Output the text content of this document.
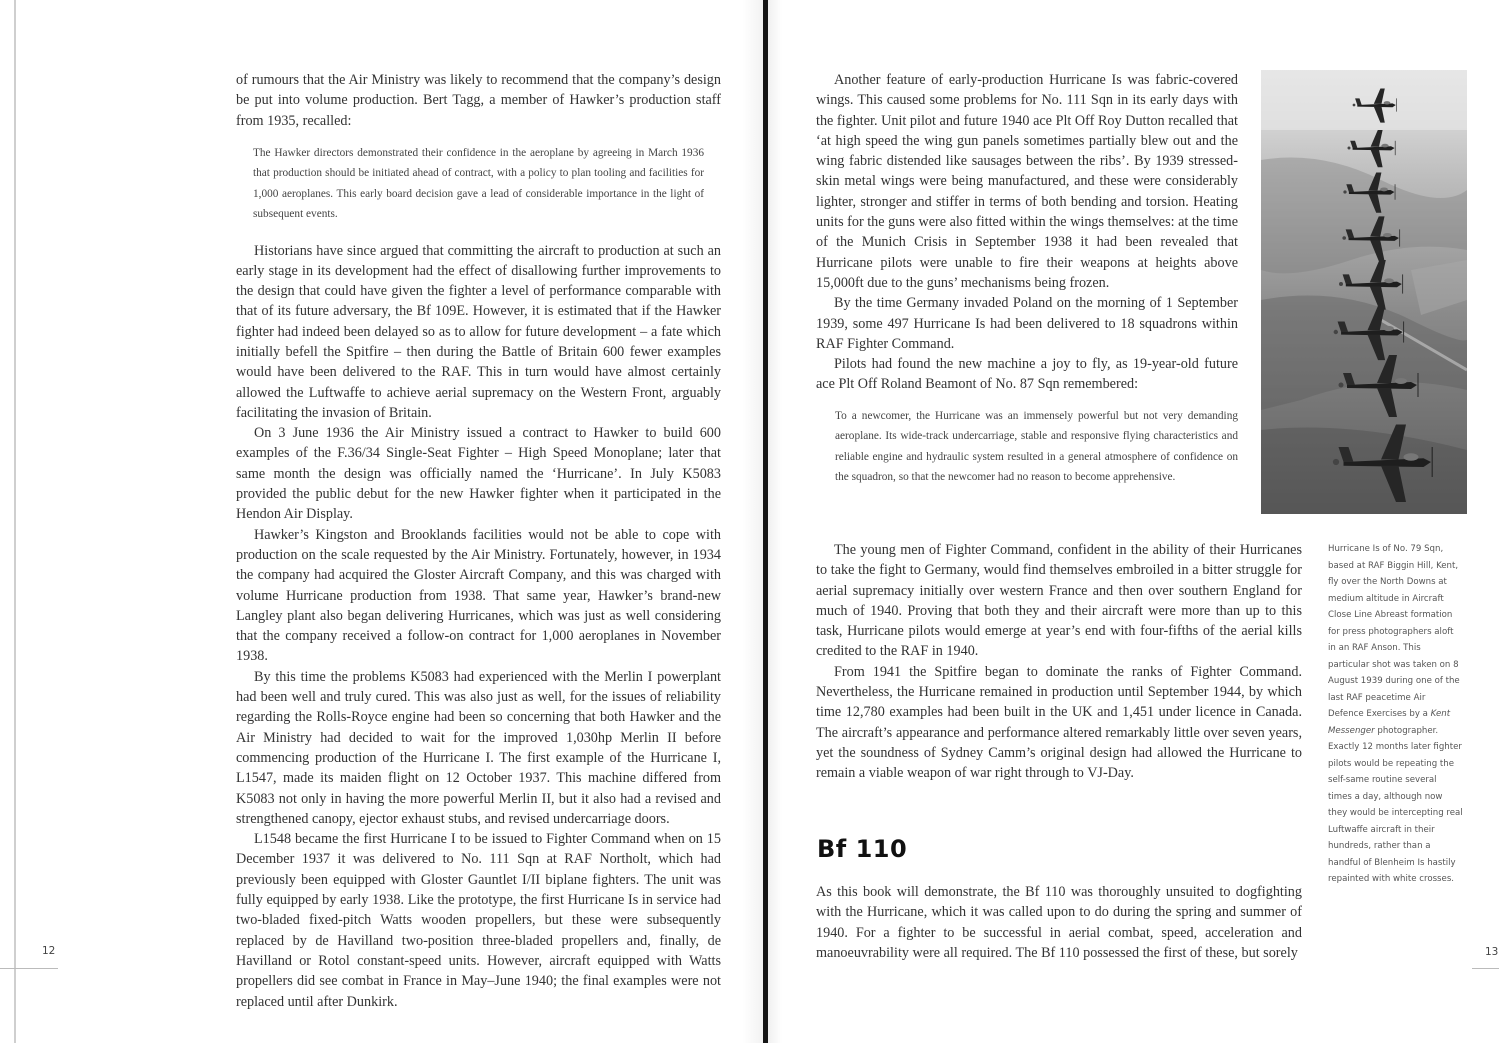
of rumours that the Air Ministry was likely to recommend that the company’s design be put into volume production. Bert Tagg, a member of Hawker’s production staff from 1935, recalled:

The Hawker directors demonstrated their confidence in the aeroplane by agreeing in March 1936 that production should be initiated ahead of contract, with a policy to plan tooling and facilities for 1,000 aeroplanes. This early board decision gave a lead of considerable importance in the light of subsequent events.

Historians have since argued that committing the aircraft to production at such an early stage in its development had the effect of disallowing further improvements to the design that could have given the fighter a level of performance comparable with that of its future adversary, the Bf 109E. However, it is estimated that if the Hawker fighter had indeed been delayed so as to allow for future development – a fate which initially befell the Spitfire – then during the Battle of Britain 600 fewer examples would have been delivered to the RAF. This in turn would have almost certainly allowed the Luftwaffe to achieve aerial supremacy on the Western Front, arguably facilitating the invasion of Britain.

On 3 June 1936 the Air Ministry issued a contract to Hawker to build 600 examples of the F.36/34 Single-Seat Fighter – High Speed Monoplane; later that same month the design was officially named the ‘Hurricane’. In July K5083 provided the public debut for the new Hawker fighter when it participated in the Hendon Air Display.

Hawker’s Kingston and Brooklands facilities would not be able to cope with production on the scale requested by the Air Ministry. Fortunately, however, in 1934 the company had acquired the Gloster Aircraft Company, and this was charged with volume Hurricane production from 1938. That same year, Hawker’s brand-new Langley plant also began delivering Hurricanes, which was just as well considering that the company received a follow-on contract for 1,000 aeroplanes in November 1938.

By this time the problems K5083 had experienced with the Merlin I powerplant had been well and truly cured. This was also just as well, for the issues of reliability regarding the Rolls-Royce engine had been so concerning that both Hawker and the Air Ministry had decided to wait for the improved 1,030hp Merlin II before commencing production of the Hurricane I. The first example of the Hurricane I, L1547, made its maiden flight on 12 October 1937. This machine differed from K5083 not only in having the more powerful Merlin II, but it also had a revised and strengthened canopy, ejector exhaust stubs, and revised undercarriage doors.

L1548 became the first Hurricane I to be issued to Fighter Command when on 15 December 1937 it was delivered to No. 111 Sqn at RAF Northolt, which had previously been equipped with Gloster Gauntlet I/II biplane fighters. The unit was fully equipped by early 1938. Like the prototype, the first Hurricane Is in service had two-bladed fixed-pitch Watts wooden propellers, but these were subsequently replaced by de Havilland two-position three-bladed propellers and, finally, de Havilland or Rotol constant-speed units. However, aircraft equipped with Watts propellers did see combat in France in May–June 1940; the final examples were not replaced until after Dunkirk.

12

Another feature of early-production Hurricane Is was fabric-covered wings. This caused some problems for No. 111 Sqn in its early days with the fighter. Unit pilot and future 1940 ace Plt Off Roy Dutton recalled that ‘at high speed the wing gun panels sometimes partially blew out and the wing fabric distended like sausages between the ribs’. By 1939 stressed-skin metal wings were being manufactured, and these were considerably lighter, stronger and stiffer in terms of both bending and torsion. Heating units for the guns were also fitted within the wings themselves: at the time of the Munich Crisis in September 1938 it had been revealed that Hurricane pilots were unable to fire their weapons at heights above 15,000ft due to the guns’ mechanisms being frozen.

By the time Germany invaded Poland on the morning of 1 September 1939, some 497 Hurricane Is had been delivered to 18 squadrons within RAF Fighter Command.

Pilots had found the new machine a joy to fly, as 19-year-old future ace Plt Off Roland Beamont of No. 87 Sqn remembered:

To a newcomer, the Hurricane was an immensely powerful but not very demanding aeroplane. Its wide-track undercarriage, stable and responsive flying characteristics and reliable engine and hydraulic system resulted in a general atmosphere of confidence on the squadron, so that the newcomer had no reason to become apprehensive.

The young men of Fighter Command, confident in the ability of their Hurricanes to take the fight to Germany, would find themselves embroiled in a bitter struggle for aerial supremacy initially over western France and then over southern England for much of 1940. Proving that both they and their aircraft were more than up to this task, Hurricane pilots would emerge at year’s end with four-fifths of the aerial kills credited to the RAF in 1940.

From 1941 the Spitfire began to dominate the ranks of Fighter Command. Nevertheless, the Hurricane remained in production until September 1944, by which time 12,780 examples had been built in the UK and 1,451 under licence in Canada. The aircraft’s appearance and performance altered remarkably little over seven years, yet the soundness of Sydney Camm’s original design had allowed the Hurricane to remain a viable weapon of war right through to VJ-Day.

Hurricane Is of No. 79 Sqn, based at RAF Biggin Hill, Kent, fly over the North Downs at medium altitude in Aircraft Close Line Abreast formation for press photographers aloft in an RAF Anson. This particular shot was taken on 8 August 1939 during one of the last RAF peacetime Air Defence Exercises by a Kent Messenger photographer. Exactly 12 months later fighter pilots would be repeating the self-same routine several times a day, although now they would be intercepting real Luftwaffe aircraft in their hundreds, rather than a handful of Blenheim Is hastily repainted with white crosses.

Bf 110

As this book will demonstrate, the Bf 110 was thoroughly unsuited to dogfighting with the Hurricane, which it was called upon to do during the spring and summer of 1940. For a fighter to be successful in aerial combat, speed, acceleration and manoeuvrability were all required. The Bf 110 possessed the first of these, but sorely	13
